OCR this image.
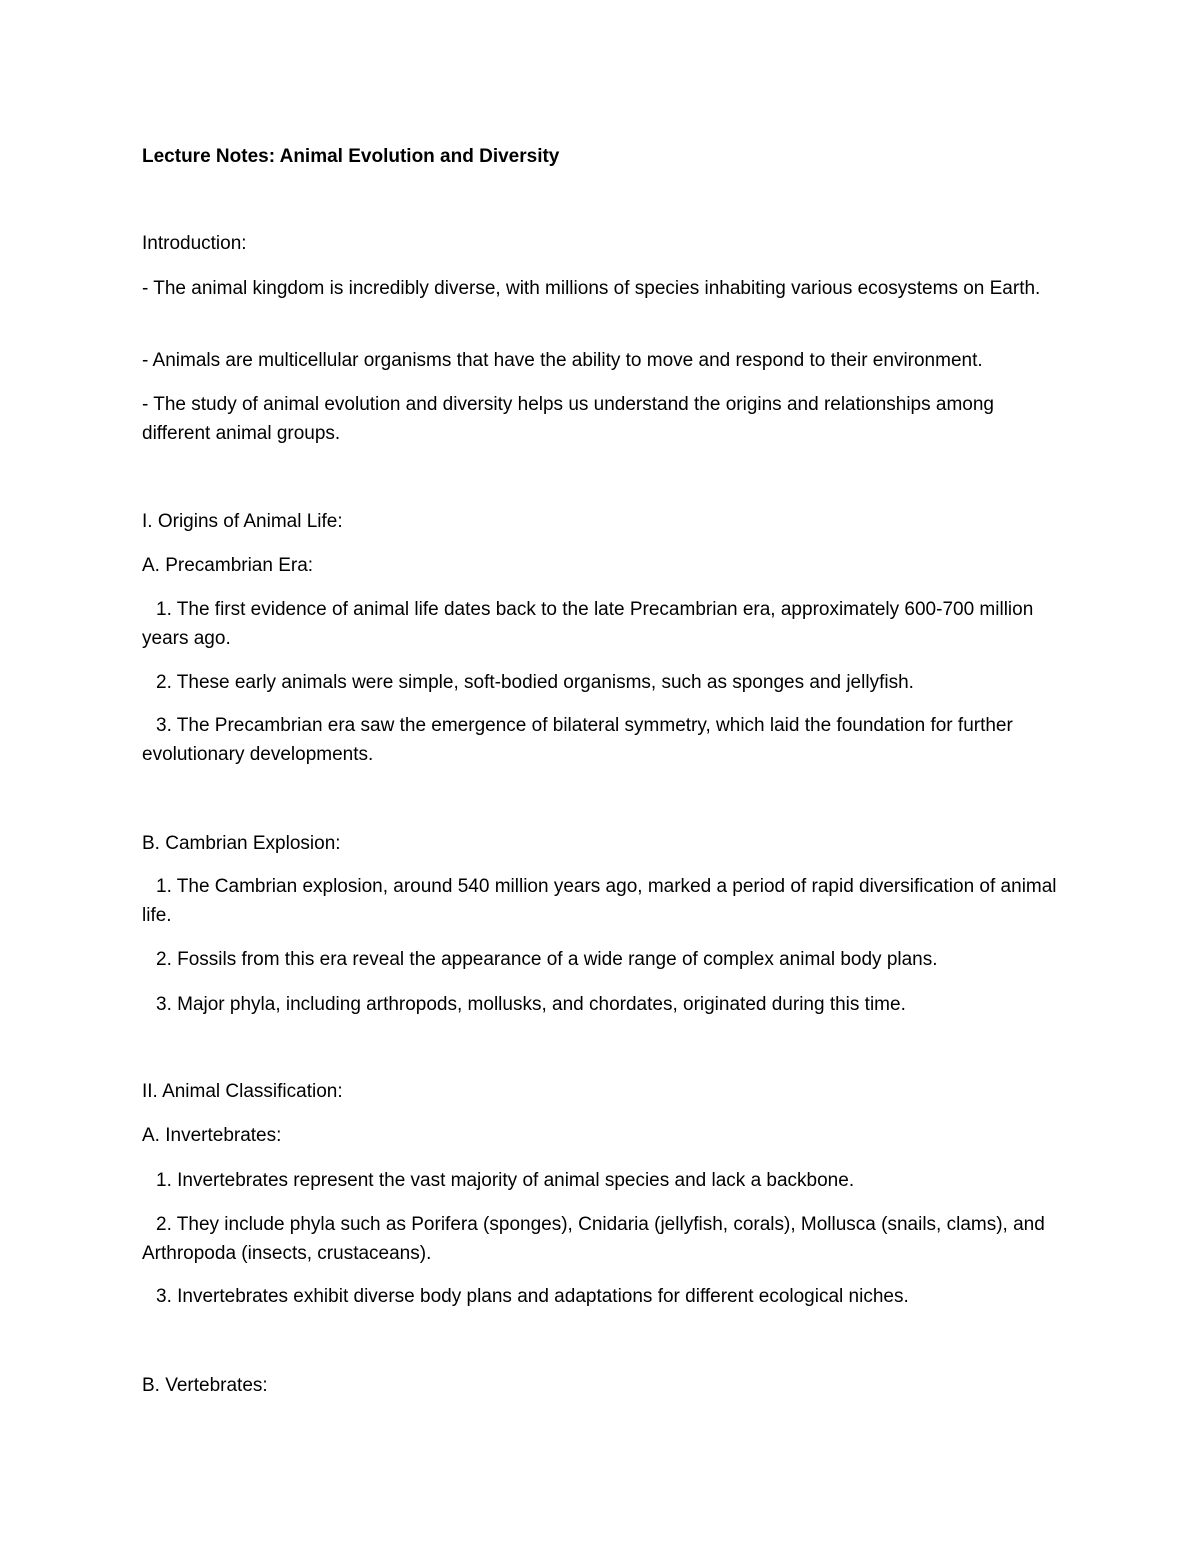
Lecture Notes: Animal Evolution and Diversity
Introduction:
- The animal kingdom is incredibly diverse, with millions of species inhabiting various ecosystems on Earth.
- Animals are multicellular organisms that have the ability to move and respond to their environment.
- The study of animal evolution and diversity helps us understand the origins and relationships among different animal groups.
I. Origins of Animal Life:
A. Precambrian Era:
1. The first evidence of animal life dates back to the late Precambrian era, approximately 600-700 million years ago.
2. These early animals were simple, soft-bodied organisms, such as sponges and jellyfish.
3. The Precambrian era saw the emergence of bilateral symmetry, which laid the foundation for further evolutionary developments.
B. Cambrian Explosion:
1. The Cambrian explosion, around 540 million years ago, marked a period of rapid diversification of animal life.
2. Fossils from this era reveal the appearance of a wide range of complex animal body plans.
3. Major phyla, including arthropods, mollusks, and chordates, originated during this time.
II. Animal Classification:
A. Invertebrates:
1. Invertebrates represent the vast majority of animal species and lack a backbone.
2. They include phyla such as Porifera (sponges), Cnidaria (jellyfish, corals), Mollusca (snails, clams), and Arthropoda (insects, crustaceans).
3. Invertebrates exhibit diverse body plans and adaptations for different ecological niches.
B. Vertebrates:
